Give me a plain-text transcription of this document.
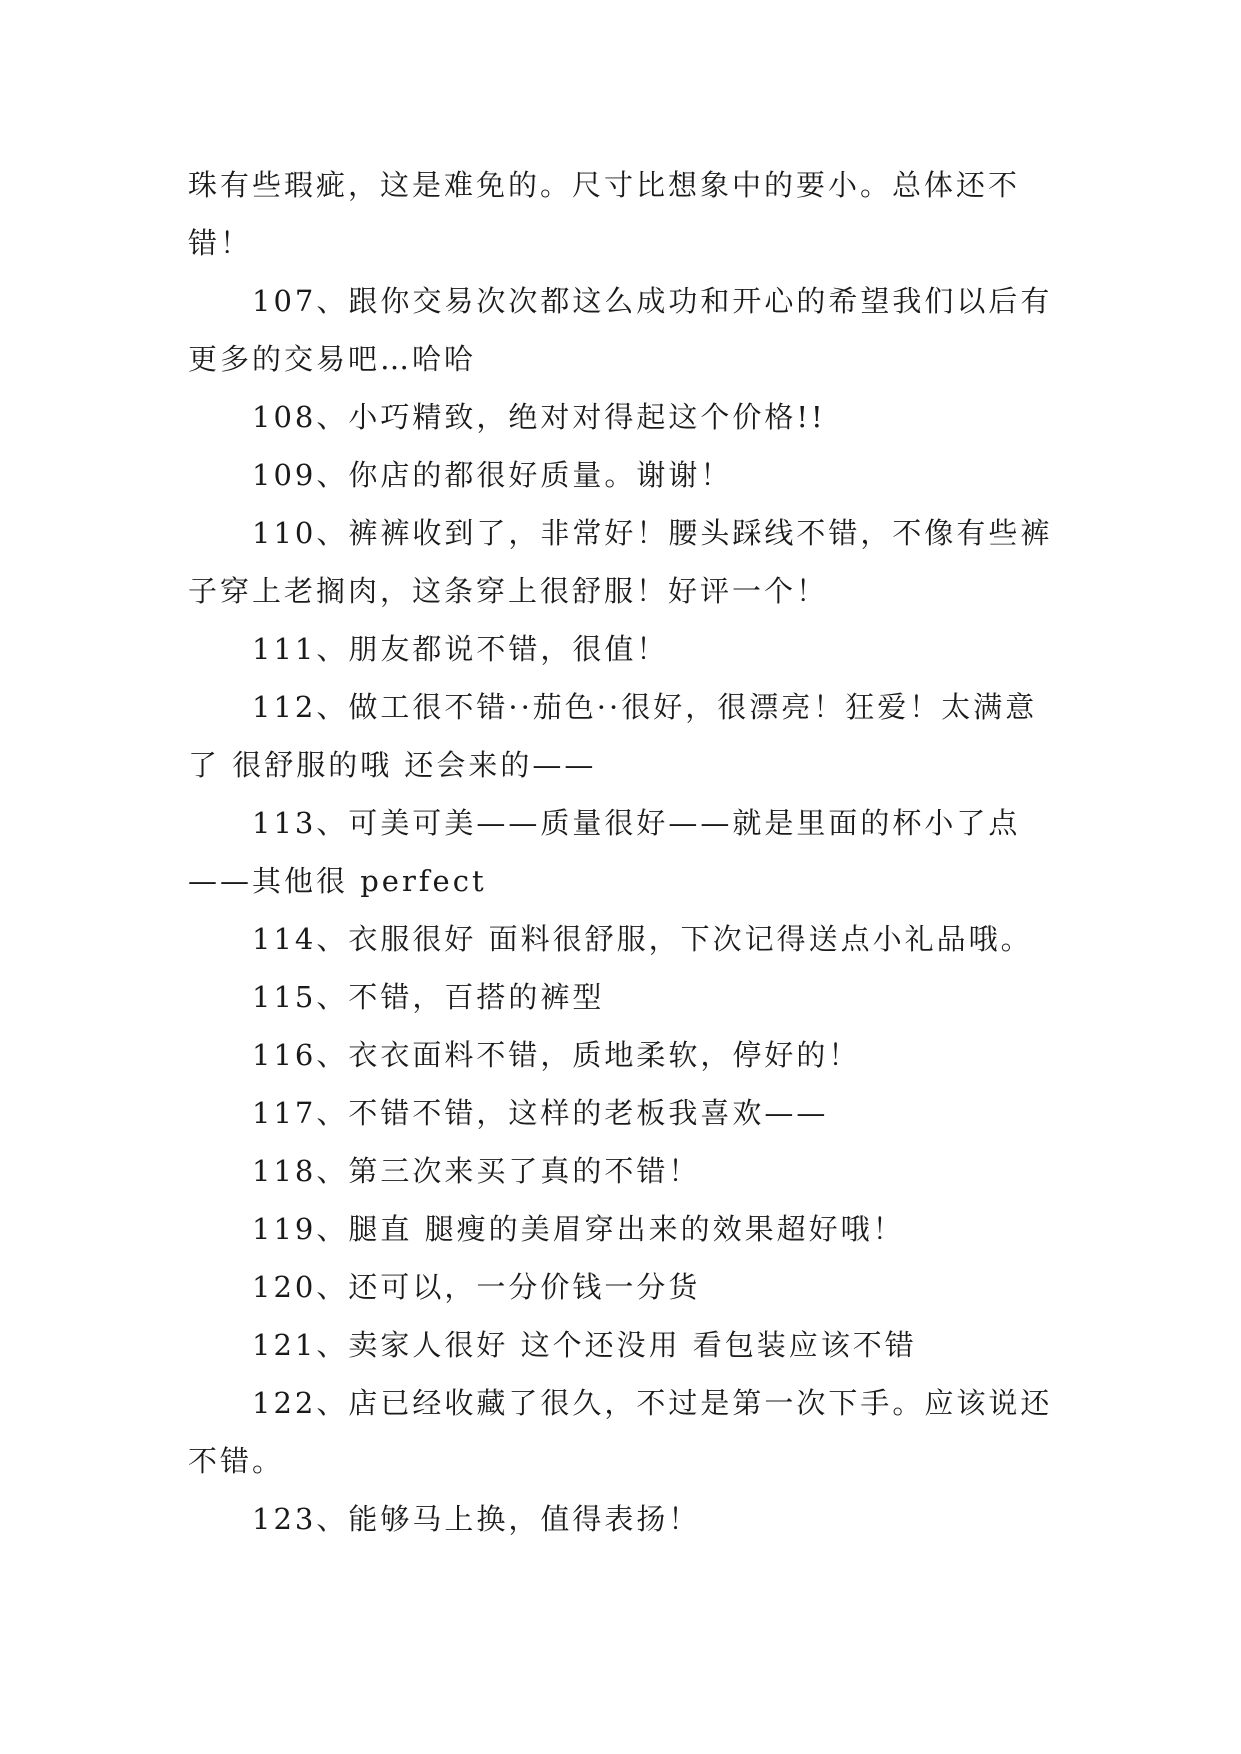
珠有些瑕疵，这是难免的。尺寸比想象中的要小。总体还不错！

107、跟你交易次次都这么成功和开心的希望我们以后有更多的交易吧…哈哈

108、小巧精致，绝对对得起这个价格!!

109、你店的都很好质量。谢谢！

110、裤裤收到了，非常好！腰头踩线不错，不像有些裤子穿上老搁肉，这条穿上很舒服！好评一个！

111、朋友都说不错，很值！

112、做工很不错··茄色··很好，很漂亮！狂爱！太满意了 很舒服的哦 还会来的——

113、可美可美——质量很好——就是里面的杯小了点——其他很 perfect

114、衣服很好 面料很舒服，下次记得送点小礼品哦。

115、不错，百搭的裤型

116、衣衣面料不错，质地柔软，停好的！

117、不错不错，这样的老板我喜欢——

118、第三次来买了真的不错！

119、腿直 腿瘦的美眉穿出来的效果超好哦！

120、还可以，一分价钱一分货

121、卖家人很好 这个还没用 看包装应该不错

122、店已经收藏了很久，不过是第一次下手。应该说还不错。

123、能够马上换，值得表扬！
